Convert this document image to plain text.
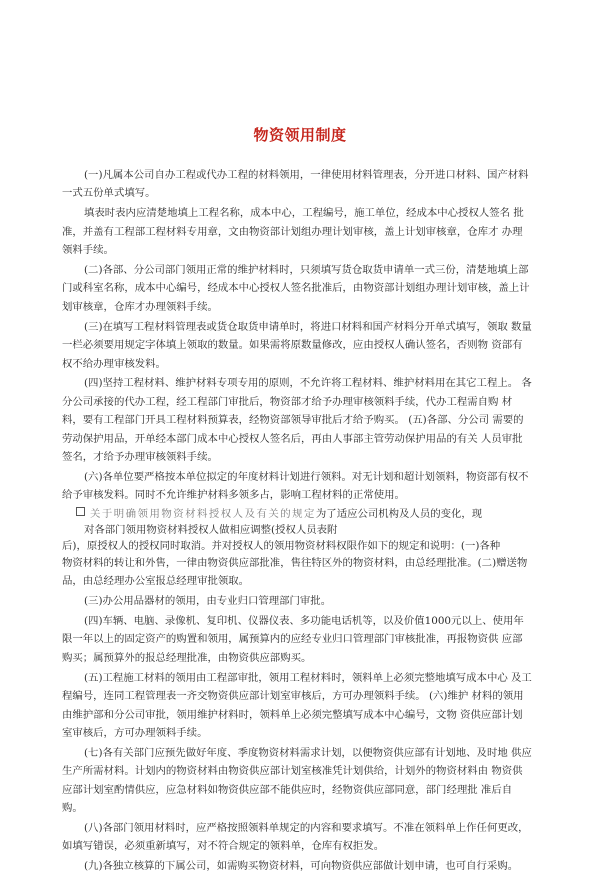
物资领用制度

(一)凡属本公司自办工程或代办工程的材料领用，一律使用材料管理表，分开进口材料、国产材料一式五份单式填写。

填表时表内应清楚地填上工程名称，成本中心，工程编号，施工单位，经成本中心授权人签名 批准，并盖有工程部工程材料专用章，文由物资部计划组办理计划审核，盖上计划审核章，仓库才 办理领料手续。

(二)各部、分公司部门领用正常的维护材料时，只须填写货仓取货申请单一式三份，清楚地填上部门或科室名称，成本中心编号，经成本中心授权人签名批准后，由物资部计划组办理计划审核，盖上计划审核章，仓库才办理领料手续。

(三)在填写工程材料管理表或货仓取货申请单时，将进口材料和国产材料分开单式填写，领取 数量一栏必须要用规定字体填上领取的数量。如果需将原数量修改，应由授权人确认签名，否则物 资部有权不给办理审核发料。

(四)坚持工程材料、维护材料专项专用的原则，不允许将工程材料、维护材料用在其它工程上。 各分公司承接的代办工程，经工程部门审批后，物资部才给予办理审核领料手续，代办工程需自购 材料，要有工程部门开具工程材料预算表，经物资部领导审批后才给予购买。 (五)各部、分公司 需要的劳动保护用品，开单经本部门成本中心授权人签名后，再由人事部主管劳动保护用品的有关 人员审批签名，才给予办理审核领料手续。

(六)各单位要严格按本单位拟定的年度材料计划进行领料。对无计划和超计划领料，物资部有权不给予审核发料。同时不允许维护材料多领多占，影响工程材料的正常使用。

关于明确领用物资材料授权人及有关的规定为了适应公司机构及人员的变化，现
对各部门领用物资材料授权人做相应调整(授权人员表附
后)，原授权人的授权同时取消。并对授权人的领用物资材料权限作如下的规定和说明：(一)各种

物资材料的转让和外售，一律由物资供应部批准，售往特区外的物资材料，由总经理批准。(二)赠送物品，由总经理办公室报总经理审批领取。

(三)办公用品器材的领用，由专业归口管理部门审批。

(四)车辆、电脑、录像机、复印机、仪器仪表、多功能电话机等，以及价值1000元以上、使用年限一年以上的固定资产的购置和领用，属预算内的应经专业归口管理部门审核批准，再报物资供 应部购买；属预算外的报总经理批准，由物资供应部购买。

(五)工程施工材料的领用由工程部审批，领用工程材料时，领料单上必须完整地填写成本中心 及工程编号，连同工程管理表一齐交物资供应部计划室审核后，方可办理领料手续。 (六)维护 材料的领用由维护部和分公司审批，领用维护材料时，领料单上必须完整填写成本中心编号，文物 资供应部计划室审核后，方可办理领料手续。

(七)各有关部门应预先做好年度、季度物资材料需求计划，以便物资供应部有计划地、及时地 供应生产所需材料。计划内的物资材料由物资供应部计划室核准凭计划供给，计划外的物资材料由 物资供应部计划室酌情供应，应急材料如物资供应部不能供应时，经物资供应部同意，部门经理批 准后自购。

(八)各部门领用材料时，应严格按照领料单规定的内容和要求填写。不准在领料单上作任何更改，如填写错误，必须重新填写，对不符合规定的领料单，仓库有权拒发。

(九)各独立核算的下属公司，如需购买物资材料，可向物资供应部做计划申请，也可自行采购。
